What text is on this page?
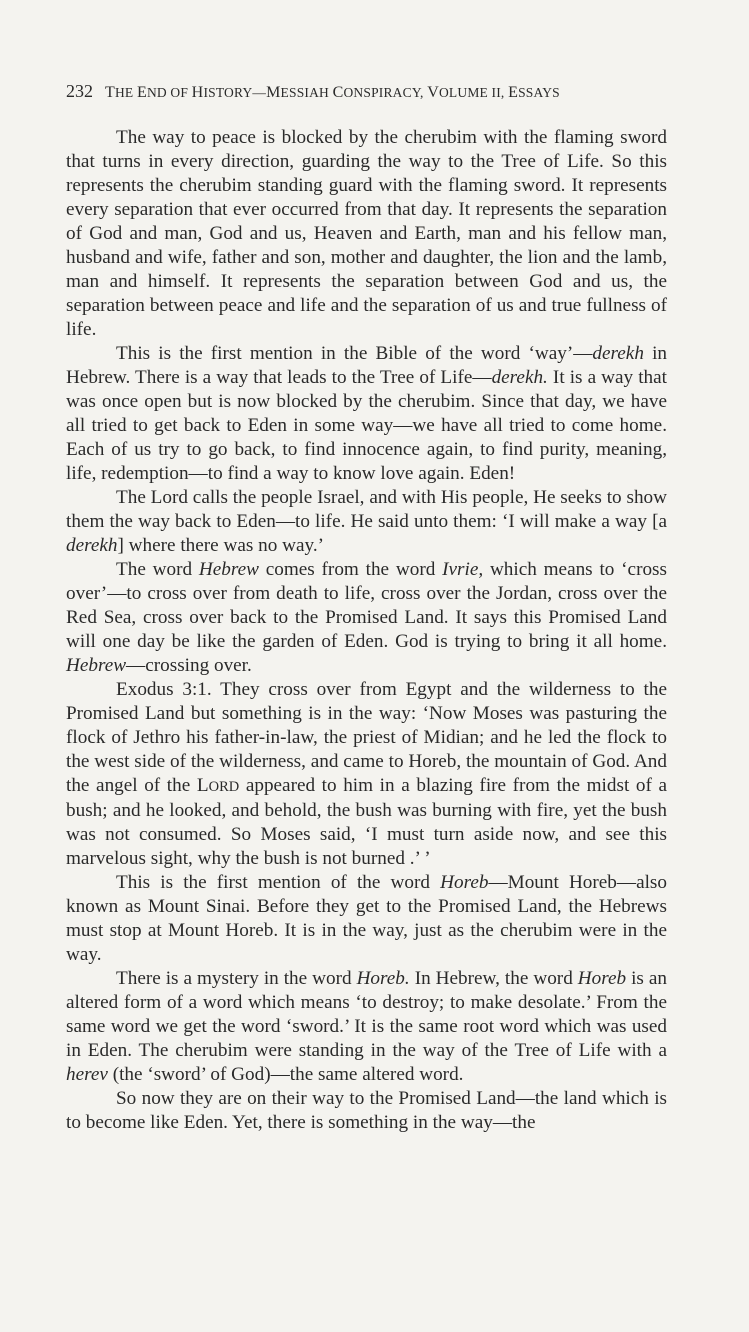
232 THE END OF HISTORY—MESSIAH CONSPIRACY, VOLUME II, ESSAYS

The way to peace is blocked by the cherubim with the flaming sword that turns in every direction, guarding the way to the Tree of Life. So this represents the cherubim standing guard with the flaming sword. It represents every separation that ever occurred from that day. It represents the separation of God and man, God and us, Heaven and Earth, man and his fellow man, husband and wife, father and son, mother and daughter, the lion and the lamb, man and himself. It represents the separation between God and us, the separation between peace and life and the separation of us and true fullness of life.

This is the first mention in the Bible of the word ‘way’—derekh in Hebrew. There is a way that leads to the Tree of Life—derekh. It is a way that was once open but is now blocked by the cherubim. Since that day, we have all tried to get back to Eden in some way—we have all tried to come home. Each of us try to go back, to find innocence again, to find purity, meaning, life, redemption—to find a way to know love again. Eden!

The Lord calls the people Israel, and with His people, He seeks to show them the way back to Eden—to life. He said unto them: ‘I will make a way [a derekh] where there was no way.’

The word Hebrew comes from the word Ivrie, which means to ‘cross over’—to cross over from death to life, cross over the Jordan, cross over the Red Sea, cross over back to the Promised Land. It says this Promised Land will one day be like the garden of Eden. God is trying to bring it all home. Hebrew—crossing over.

Exodus 3:1. They cross over from Egypt and the wilderness to the Promised Land but something is in the way: ‘Now Moses was pasturing the flock of Jethro his father-in-law, the priest of Midian; and he led the flock to the west side of the wilderness, and came to Horeb, the mountain of God. And the angel of the LORD appeared to him in a blazing fire from the midst of a bush; and he looked, and behold, the bush was burning with fire, yet the bush was not consumed. So Moses said, ‘I must turn aside now, and see this marvelous sight, why the bush is not burned .’ ’

This is the first mention of the word Horeb—Mount Horeb—also known as Mount Sinai. Before they get to the Promised Land, the Hebrews must stop at Mount Horeb. It is in the way, just as the cherubim were in the way.

There is a mystery in the word Horeb. In Hebrew, the word Horeb is an altered form of a word which means ‘to destroy; to make desolate.’ From the same word we get the word ‘sword.’ It is the same root word which was used in Eden. The cherubim were standing in the way of the Tree of Life with a herev (the ‘sword’ of God)—the same altered word.

So now they are on their way to the Promised Land—the land which is to become like Eden. Yet, there is something in the way—the
